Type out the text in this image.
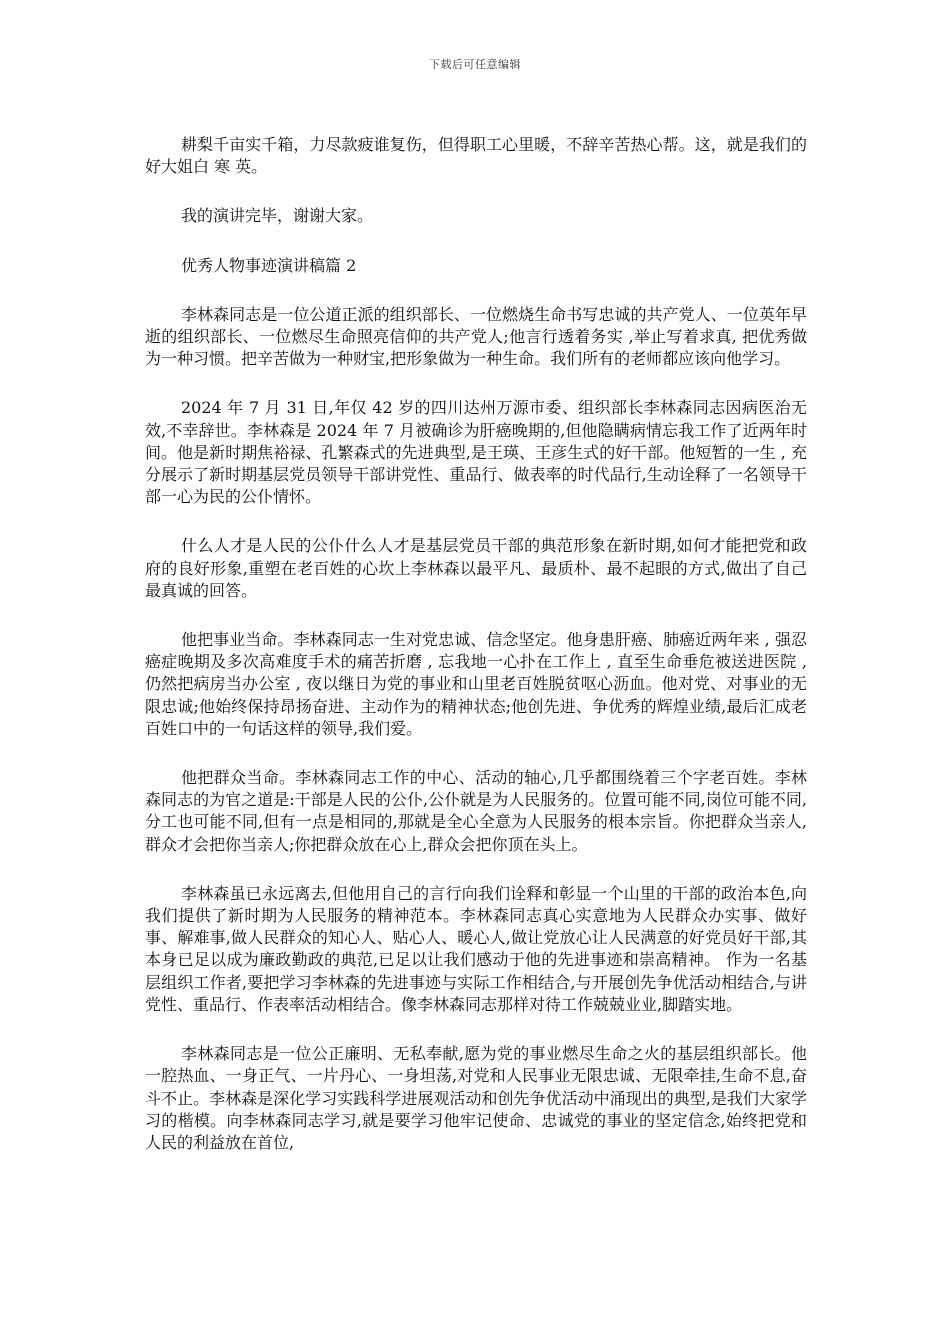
下载后可任意编辑

耕梨千亩实千箱，力尽款疲谁复伤，但得职工心里暖，不辞辛苦热心帮。这，就是我们的好大姐白 寒 英。

我的演讲完毕，谢谢大家。

优秀人物事迹演讲稿篇 2

李林森同志是一位公道正派的组织部长、一位燃烧生命书写忠诚的共产党人、一位英年早逝的组织部长、一位燃尽生命照亮信仰的共产党人;他言行透着务实 ,举止写着求真, 把优秀做为一种习惯。把辛苦做为一种财宝,把形象做为一种生命。我们所有的老师都应该向他学习。

2024 年 7 月 31 日,年仅 42 岁的四川达州万源市委、组织部长李林森同志因病医治无效,不幸辞世。李林森是 2024 年 7 月被确诊为肝癌晚期的,但他隐瞒病情忘我工作了近两年时间。他是新时期焦裕禄、孔繁森式的先进典型,是王瑛、王彦生式的好干部。他短暂的一生 , 充分展示了新时期基层党员领导干部讲党性、重品行、做表率的时代品行,生动诠释了一名领导干部一心为民的公仆情怀。

什么人才是人民的公仆什么人才是基层党员干部的典范形象在新时期,如何才能把党和政府的良好形象,重塑在老百姓的心坎上李林森以最平凡、最质朴、最不起眼的方式,做出了自己最真诚的回答。

他把事业当命。李林森同志一生对党忠诚、信念坚定。他身患肝癌、肺癌近两年来 , 强忍癌症晚期及多次高难度手术的痛苦折磨 , 忘我地一心扑在工作上 , 直至生命垂危被送进医院 , 仍然把病房当办公室 , 夜以继日为党的事业和山里老百姓脱贫呕心沥血。他对党、对事业的无限忠诚;他始终保持昂扬奋进、主动作为的精神状态;他创先进、争优秀的辉煌业绩,最后汇成老百姓口中的一句话这样的领导,我们爱。

他把群众当命。李林森同志工作的中心、活动的轴心,几乎都围绕着三个字老百姓。李林森同志的为官之道是:干部是人民的公仆,公仆就是为人民服务的。位置可能不同,岗位可能不同,分工也可能不同,但有一点是相同的,那就是全心全意为人民服务的根本宗旨。你把群众当亲人,群众才会把你当亲人;你把群众放在心上,群众会把你顶在头上。

李林森虽已永远离去,但他用自己的言行向我们诠释和彰显一个山里的干部的政治本色,向我们提供了新时期为人民服务的精神范本。李林森同志真心实意地为人民群众办实事、做好事、解难事,做人民群众的知心人、贴心人、暖心人,做让党放心让人民满意的好党员好干部,其本身已足以成为廉政勤政的典范,已足以让我们感动于他的先进事迹和崇高精神。 作为一名基层组织工作者,要把学习李林森的先进事迹与实际工作相结合,与开展创先争优活动相结合,与讲党性、重品行、作表率活动相结合。像李林森同志那样对待工作兢兢业业,脚踏实地。

李林森同志是一位公正廉明、无私奉献,愿为党的事业燃尽生命之火的基层组织部长。他一腔热血、一身正气、一片丹心、一身坦荡,对党和人民事业无限忠诚、无限牵挂,生命不息,奋斗不止。李林森是深化学习实践科学进展观活动和创先争优活动中涌现出的典型,是我们大家学习的楷模。向李林森同志学习,就是要学习他牢记使命、忠诚党的事业的坚定信念,始终把党和人民的利益放在首位,
